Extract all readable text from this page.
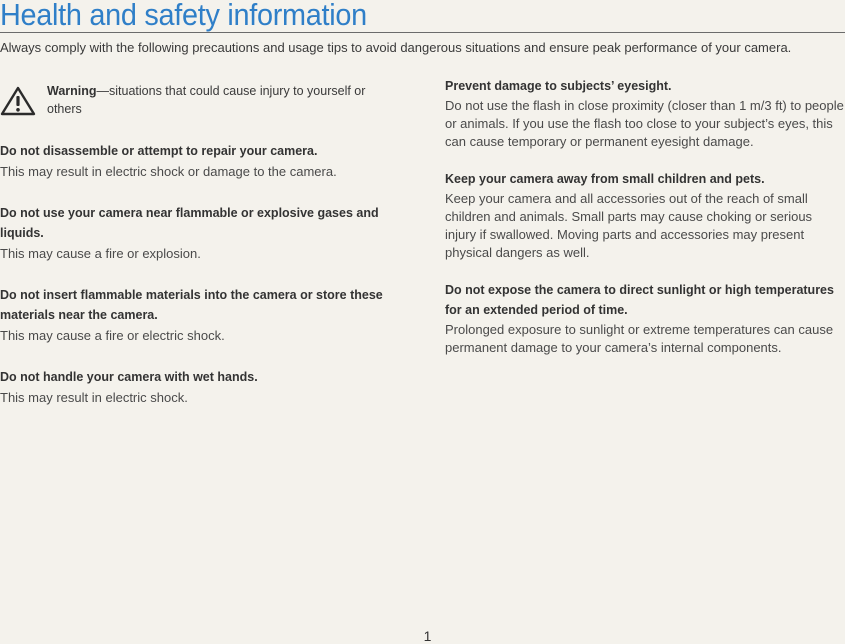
Health and safety information
Always comply with the following precautions and usage tips to avoid dangerous situations and ensure peak performance of your camera.
Warning—situations that could cause injury to yourself or others
Do not disassemble or attempt to repair your camera.

This may result in electric shock or damage to the camera.

Do not use your camera near flammable or explosive gases and liquids.

This may cause a fire or explosion.

Do not insert flammable materials into the camera or store these materials near the camera.

This may cause a fire or electric shock.

Do not handle your camera with wet hands.

This may result in electric shock.

Prevent damage to subjects’ eyesight.

Do not use the flash in close proximity (closer than 1 m/3 ft) to people or animals. If you use the flash too close to your subject’s eyes, this can cause temporary or permanent eyesight damage.

Keep your camera away from small children and pets.

Keep your camera and all accessories out of the reach of small children and animals. Small parts may cause choking or serious injury if swallowed. Moving parts and accessories may present physical dangers as well.

Do not expose the camera to direct sunlight or high temperatures for an extended period of time.

Prolonged exposure to sunlight or extreme temperatures can cause permanent damage to your camera’s internal components.

1
